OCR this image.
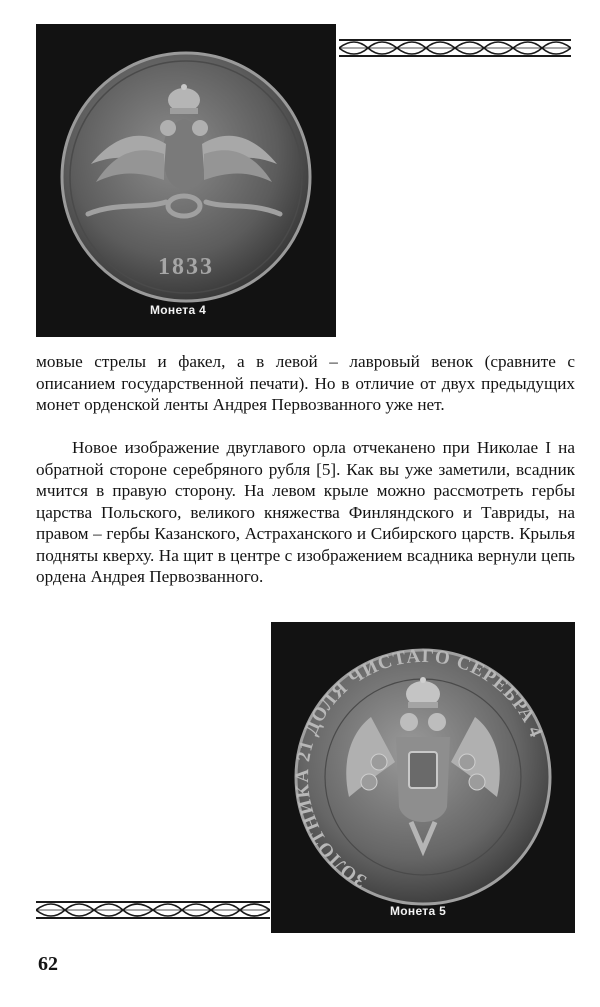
1833
Монета 4

мовые стрелы и факел, а в левой – лавровый венок (сравните с описанием государственной печати). Но в отличие от двух предыдущих монет орденской ленты Андрея Первозванного уже нет.

Новое изображение двуглавого орла отчеканено при Николае I на обратной стороне серебряного рубля [5]. Как вы уже заметили, всадник мчится в правую сторону. На левом крыле можно рассмотреть гербы царства Польского, великого княжества Финляндского и Тавриды, на правом – гербы Казанского, Астраханского и Сибирского царств. Крылья подняты кверху. На щит в центре с изображением всадника вернули цепь ордена Андрея Первозванного.

ЗОЛОТНИКА 21 ДОЛЯ ЧИСТАГО СЕРЕБРА 4
Монета 5
62
